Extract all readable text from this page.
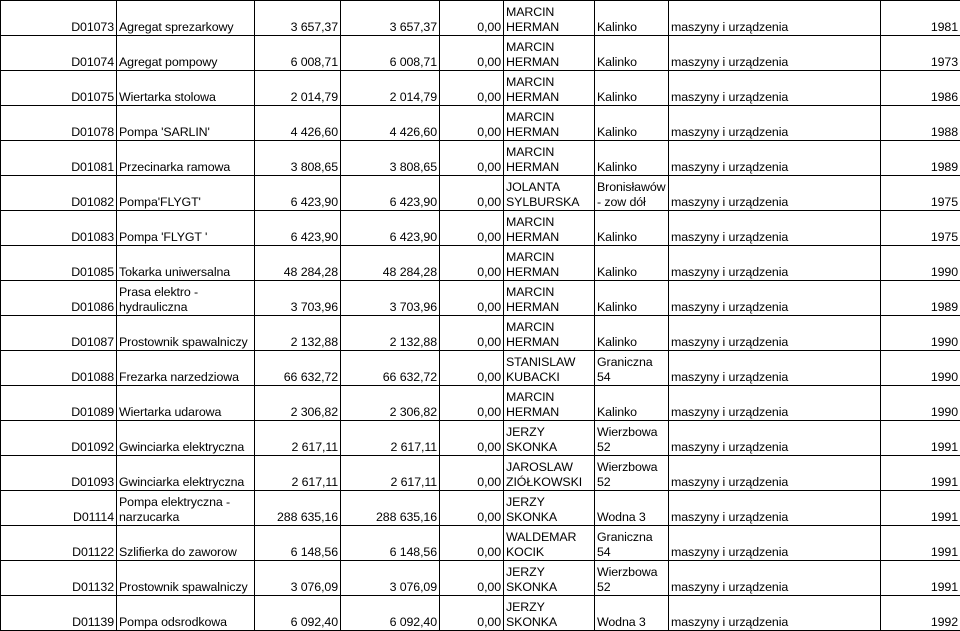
D01073	Agregat sprezarkowy	3 657,37	3 657,37	0,00	MARCIN HERMAN	Kalinko	maszyny i urządzenia	1981
D01074	Agregat pompowy	6 008,71	6 008,71	0,00	MARCIN HERMAN	Kalinko	maszyny i urządzenia	1973
D01075	Wiertarka stolowa	2 014,79	2 014,79	0,00	MARCIN HERMAN	Kalinko	maszyny i urządzenia	1986
D01078	Pompa 'SARLIN'	4 426,60	4 426,60	0,00	MARCIN HERMAN	Kalinko	maszyny i urządzenia	1988
D01081	Przecinarka ramowa	3 808,65	3 808,65	0,00	MARCIN HERMAN	Kalinko	maszyny i urządzenia	1989
D01082	Pompa'FLYGT'	6 423,90	6 423,90	0,00	JOLANTA SYLBURSKA	Bronisławów - zow dół	maszyny i urządzenia	1975
D01083	Pompa 'FLYGT '	6 423,90	6 423,90	0,00	MARCIN HERMAN	Kalinko	maszyny i urządzenia	1975
D01085	Tokarka uniwersalna	48 284,28	48 284,28	0,00	MARCIN HERMAN	Kalinko	maszyny i urządzenia	1990
D01086	Prasa elektro - hydrauliczna	3 703,96	3 703,96	0,00	MARCIN HERMAN	Kalinko	maszyny i urządzenia	1989
D01087	Prostownik spawalniczy	2 132,88	2 132,88	0,00	MARCIN HERMAN	Kalinko	maszyny i urządzenia	1990
D01088	Frezarka narzedziowa	66 632,72	66 632,72	0,00	STANISLAW KUBACKI	Graniczna 54	maszyny i urządzenia	1990
D01089	Wiertarka udarowa	2 306,82	2 306,82	0,00	MARCIN HERMAN	Kalinko	maszyny i urządzenia	1990
D01092	Gwinciarka elektryczna	2 617,11	2 617,11	0,00	JERZY SKONKA	Wierzbowa 52	maszyny i urządzenia	1991
D01093	Gwinciarka elektryczna	2 617,11	2 617,11	0,00	JAROSLAW ZIÓŁKOWSKI	Wierzbowa 52	maszyny i urządzenia	1991
D01114	Pompa elektryczna - narzucarka	288 635,16	288 635,16	0,00	JERZY SKONKA	Wodna 3	maszyny i urządzenia	1991
D01122	Szlifierka do zaworow	6 148,56	6 148,56	0,00	WALDEMAR KOCIK	Graniczna 54	maszyny i urządzenia	1991
D01132	Prostownik spawalniczy	3 076,09	3 076,09	0,00	JERZY SKONKA	Wierzbowa 52	maszyny i urządzenia	1991
D01139	Pompa odsrodkowa	6 092,40	6 092,40	0,00	JERZY SKONKA	Wodna 3	maszyny i urządzenia	1992
